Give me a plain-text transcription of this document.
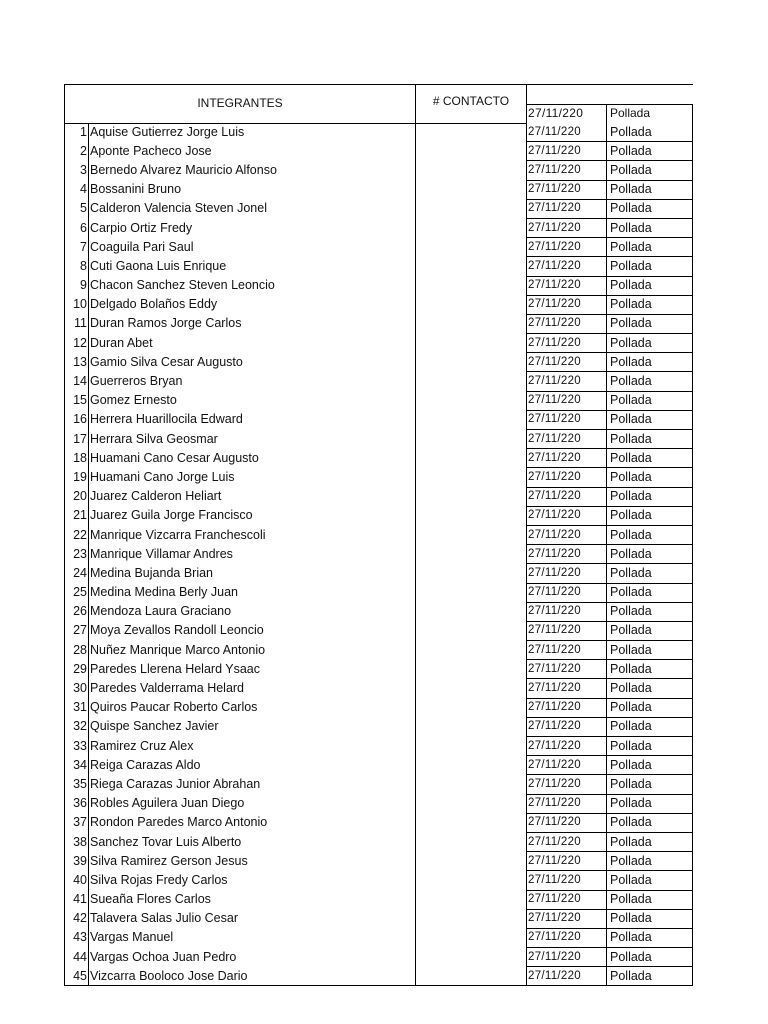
INTEGRANTES		# CONTACTO		
			27/11/220	Pollada
1	Aquise Gutierrez Jorge Luis		27/11/220	Pollada
2	Aponte Pacheco Jose		27/11/220	Pollada
3	Bernedo Alvarez Mauricio Alfonso		27/11/220	Pollada
4	Bossanini Bruno		27/11/220	Pollada
5	Calderon Valencia Steven Jonel		27/11/220	Pollada
6	Carpio Ortiz Fredy		27/11/220	Pollada
7	Coaguila Pari Saul		27/11/220	Pollada
8	Cuti Gaona Luis Enrique		27/11/220	Pollada
9	Chacon Sanchez Steven Leoncio		27/11/220	Pollada
10	Delgado Bolaños Eddy		27/11/220	Pollada
11	Duran Ramos Jorge Carlos		27/11/220	Pollada
12	Duran Abet		27/11/220	Pollada
13	Gamio Silva Cesar Augusto		27/11/220	Pollada
14	Guerreros Bryan		27/11/220	Pollada
15	Gomez Ernesto		27/11/220	Pollada
16	Herrera Huarillocila Edward		27/11/220	Pollada
17	Herrara Silva Geosmar		27/11/220	Pollada
18	Huamani Cano Cesar Augusto		27/11/220	Pollada
19	Huamani Cano Jorge Luis		27/11/220	Pollada
20	Juarez Calderon Heliart		27/11/220	Pollada
21	Juarez Guila Jorge Francisco		27/11/220	Pollada
22	Manrique Vizcarra Franchescoli		27/11/220	Pollada
23	Manrique Villamar Andres		27/11/220	Pollada
24	Medina Bujanda Brian		27/11/220	Pollada
25	Medina Medina Berly Juan		27/11/220	Pollada
26	Mendoza Laura Graciano		27/11/220	Pollada
27	Moya Zevallos Randoll Leoncio		27/11/220	Pollada
28	Nuñez Manrique Marco Antonio		27/11/220	Pollada
29	Paredes Llerena Helard Ysaac		27/11/220	Pollada
30	Paredes Valderrama Helard		27/11/220	Pollada
31	Quiros Paucar Roberto Carlos		27/11/220	Pollada
32	Quispe Sanchez Javier		27/11/220	Pollada
33	Ramirez Cruz Alex		27/11/220	Pollada
34	Reiga Carazas Aldo		27/11/220	Pollada
35	Riega Carazas Junior Abrahan		27/11/220	Pollada
36	Robles Aguilera Juan Diego		27/11/220	Pollada
37	Rondon Paredes Marco Antonio		27/11/220	Pollada
38	Sanchez Tovar Luis Alberto		27/11/220	Pollada
39	Silva Ramirez Gerson Jesus		27/11/220	Pollada
40	Silva Rojas Fredy Carlos		27/11/220	Pollada
41	Sueaña Flores Carlos		27/11/220	Pollada
42	Talavera Salas Julio Cesar		27/11/220	Pollada
43	Vargas Manuel		27/11/220	Pollada
44	Vargas Ochoa Juan Pedro		27/11/220	Pollada
45	Vizcarra Booloco Jose Dario		27/11/220	Pollada
